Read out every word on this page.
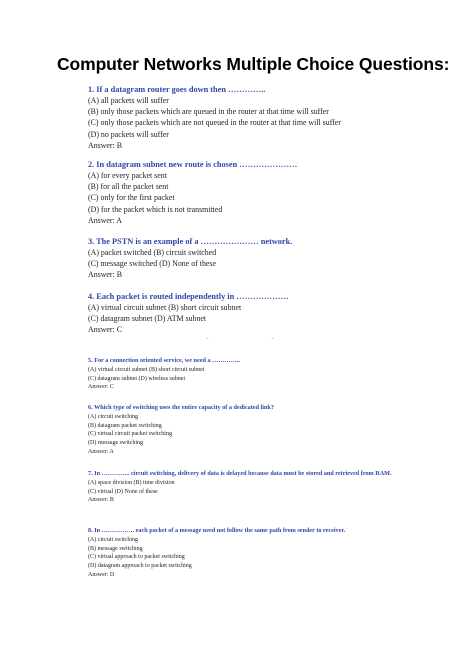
Computer Networks Multiple Choice Questions:
1. If a datagram router goes down then …………..
(A) all packets will suffer
(B) only those packets which are queued in the router at that time will suffer
(C) only those packets which are not queued in the router at that time will suffer
(D) no packets will suffer
Answer: B
2. In datagram subnet new route is chosen …………………
(A) for every packet sent
(B) for all the packet sent
(C) only for the first packet
(D) for the packet which is not transmitted
Answer: A
3. The PSTN is an example of a ………………… network.
(A) packet switched (B) circuit switched
(C) message switched (D) None of these
Answer: B
4. Each packet is routed independently in ……………….
(A) virtual circuit subnet (B) short circuit subnet
(C) datagram subnet (D) ATM subnet
Answer: C
ˉ	ˉ
5. For a connection oriented service, we need a …………..
(A) virtual circuit subnet (B) short circuit subnet
(C) datagram subnet (D) wireless subnet
Answer: C
6. Which type of switching uses the entire capacity of a dedicated link?
(A) circuit switching
(B) datagram packet switching
(C) virtual circuit packet switching
(D) message switching
Answer: A
7. In ………….. circuit switching, delivery of data is delayed because data must be stored and retrieved from RAM.
(A) space division (B) time division
(C) virtual (D) None of these
Answer: B
8. In ……………. each packet of a message need not follow the same path from sender to receiver.
(A) circuit switching
(B) message switching
(C) virtual approach to packet switching
(D) datagram approach to packet switching
Answer: D
